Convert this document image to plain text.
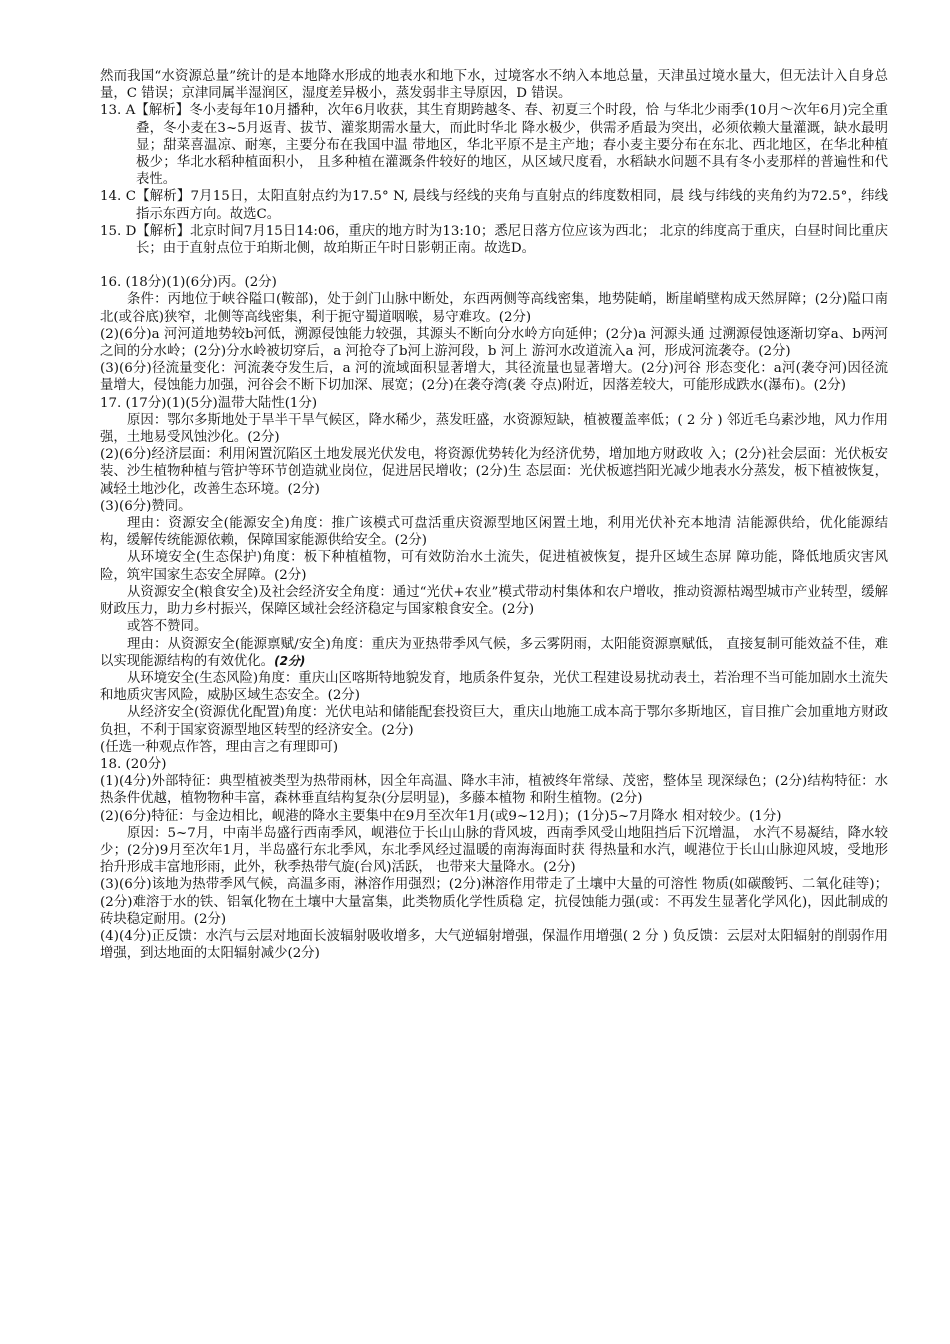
然而我国“水资源总量”统计的是本地降水形成的地表水和地下水，过境客水不纳入本地总量，天津虽过境水量大，但无法计入自身总量，C 错误；京津同属半湿润区，湿度差异极小，蒸发弱非主导原因，D 错误。

13. A【解析】冬小麦每年10月播种，次年6月收获，其生育期跨越冬、春、初夏三个时段，恰 与华北少雨季(10月～次年6月)完全重叠，冬小麦在3~5月返青、拔节、灌浆期需水量大，而此时华北 降水极少，供需矛盾最为突出，必须依赖大量灌溉，缺水最明显；甜菜喜温凉、耐寒，主要分布在我国中温 带地区，华北平原不是主产地；春小麦主要分布在东北、西北地区，在华北种植极少；华北水稻种植面积小， 且多种植在灌溉条件较好的地区，从区域尺度看，水稻缺水问题不具有冬小麦那样的普遍性和代表性。

14. C【解析】7月15日，太阳直射点约为17.5° N, 晨线与经线的夹角与直射点的纬度数相同，晨 线与纬线的夹角约为72.5°，纬线指示东西方向。故选C。

15. D【解析】北京时间7月15日14:06，重庆的地方时为13:10；悉尼日落方位应该为西北； 北京的纬度高于重庆，白昼时间比重庆长；由于直射点位于珀斯北侧，故珀斯正午时日影朝正南。故选D。

16. (18分)(1)(6分)丙。(2分)

条件：丙地位于峡谷隘口(鞍部)，处于剑门山脉中断处，东西两侧等高线密集，地势陡峭，断崖峭壁构成天然屏障；(2分)隘口南北(或谷底)狭窄，北侧等高线密集，利于扼守蜀道咽喉，易守难攻。(2分)

(2)(6分)a 河河道地势较b河低，溯源侵蚀能力较强，其源头不断向分水岭方向延伸；(2分)a 河源头通 过溯源侵蚀逐渐切穿a、b两河之间的分水岭；(2分)分水岭被切穿后，a 河抢夺了b河上游河段，b 河上 游河水改道流入a 河，形成河流袭夺。(2分)

(3)(6分)径流量变化：河流袭夺发生后，a 河的流域面积显著增大，其径流量也显著增大。(2分)河谷 形态变化：a河(袭夺河)因径流量增大，侵蚀能力加强，河谷会不断下切加深、展宽；(2分)在袭夺湾(袭 夺点)附近，因落差较大，可能形成跌水(瀑布)。(2分)

17. (17分)(1)(5分)温带大陆性(1分)

原因：鄂尔多斯地处于旱半干旱气候区，降水稀少，蒸发旺盛，水资源短缺，植被覆盖率低；( 2 分 ) 邻近毛乌素沙地，风力作用强，土地易受风蚀沙化。(2分)

(2)(6分)经济层面：利用闲置沉陷区土地发展光伏发电，将资源优势转化为经济优势，增加地方财政收 入；(2分)社会层面：光伏板安装、沙生植物种植与管护等环节创造就业岗位，促进居民增收；(2分)生 态层面：光伏板遮挡阳光减少地表水分蒸发，板下植被恢复，减轻土地沙化，改善生态环境。(2分)

(3)(6分)赞同。

理由：资源安全(能源安全)角度：推广该模式可盘活重庆资源型地区闲置土地，利用光伏补充本地清 洁能源供给，优化能源结构，缓解传统能源依赖，保障国家能源供给安全。(2分)

从环境安全(生态保护)角度：板下种植植物，可有效防治水土流失，促进植被恢复，提升区域生态屏 障功能，降低地质灾害风险，筑牢国家生态安全屏障。(2分)

从资源安全(粮食安全)及社会经济安全角度：通过“光伏+农业”模式带动村集体和农户增收，推动资源枯竭型城市产业转型，缓解财政压力，助力乡村振兴，保障区域社会经济稳定与国家粮食安全。(2分)

或答不赞同。

理由：从资源安全(能源禀赋/安全)角度：重庆为亚热带季风气候，多云雾阴雨，太阳能资源禀赋低， 直接复制可能效益不佳，难以实现能源结构的有效优化。(2分)

从环境安全(生态风险)角度：重庆山区喀斯特地貌发育，地质条件复杂，光伏工程建设易扰动表土，若治理不当可能加剧水土流失和地质灾害风险，威胁区域生态安全。(2分)

从经济安全(资源优化配置)角度：光伏电站和储能配套投资巨大，重庆山地施工成本高于鄂尔多斯地区，盲目推广会加重地方财政负担，不利于国家资源型地区转型的经济安全。(2分)

(任选一种观点作答，理由言之有理即可)

18. (20分)

(1)(4分)外部特征：典型植被类型为热带雨林，因全年高温、降水丰沛，植被终年常绿、茂密，整体呈 现深绿色；(2分)结构特征：水热条件优越，植物物种丰富，森林垂直结构复杂(分层明显)，多藤本植物 和附生植物。(2分)

(2)(6分)特征：与金边相比，岘港的降水主要集中在9月至次年1月(或9~12月)；(1分)5~7月降水 相对较少。(1分)

原因：5~7月，中南半岛盛行西南季风，岘港位于长山山脉的背风坡，西南季风受山地阻挡后下沉增温， 水汽不易凝结，降水较少；(2分)9月至次年1月，半岛盛行东北季风，东北季风经过温暖的南海海面时获 得热量和水汽，岘港位于长山山脉迎风坡，受地形抬升形成丰富地形雨，此外，秋季热带气旋(台风)活跃， 也带来大量降水。(2分)

(3)(6分)该地为热带季风气候，高温多雨，淋溶作用强烈；(2分)淋溶作用带走了土壤中大量的可溶性 物质(如碳酸钙、二氧化硅等)；(2分)难溶于水的铁、铝氧化物在土壤中大量富集，此类物质化学性质稳 定，抗侵蚀能力强(或：不再发生显著化学风化)，因此制成的砖块稳定耐用。(2分)

(4)(4分)正反馈：水汽与云层对地面长波辐射吸收增多，大气逆辐射增强，保温作用增强( 2 分 ) 负反馈：云层对太阳辐射的削弱作用增强，到达地面的太阳辐射减少(2分)
